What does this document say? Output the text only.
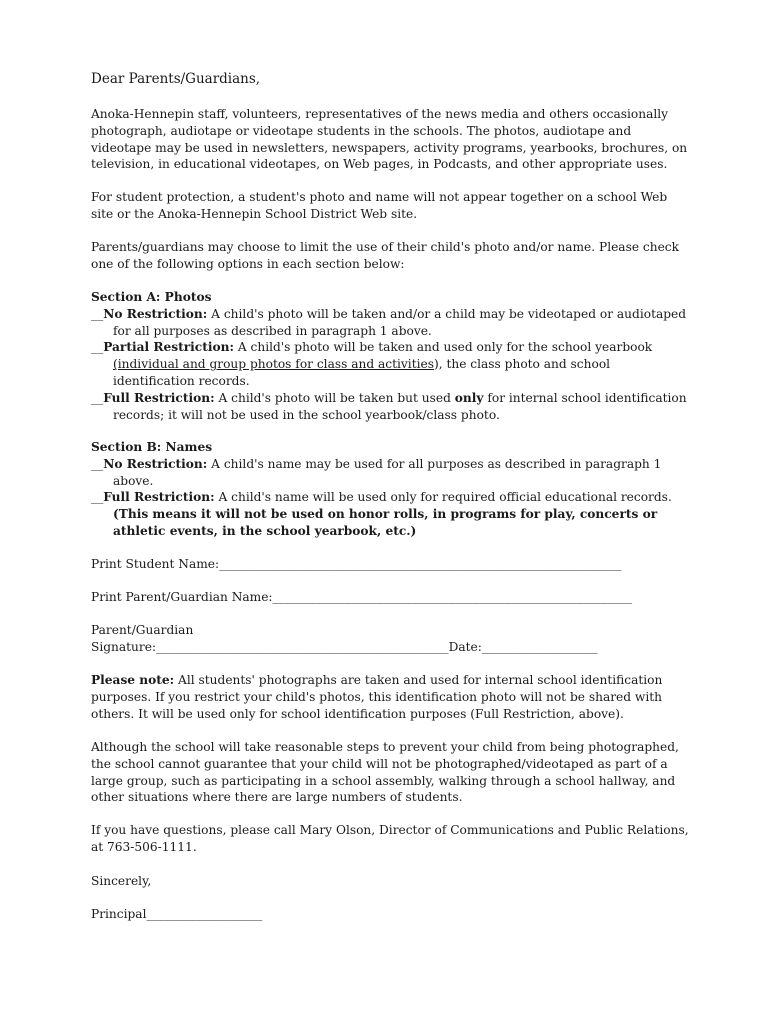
Dear Parents/Guardians,

Anoka-Hennepin staff, volunteers, representatives of the news media and others occasionally photograph, audiotape or videotape students in the schools. The photos, audiotape and videotape may be used in newsletters, newspapers, activity programs, yearbooks, brochures, on television, in educational videotapes, on Web pages, in Podcasts, and other appropriate uses.

For student protection, a student's photo and name will not appear together on a school Web site or the Anoka-Hennepin School District Web site.

Parents/guardians may choose to limit the use of their child's photo and/or name. Please check one of the following options in each section below:

Section A: Photos
__No Restriction: A child's photo will be taken and/or a child may be videotaped or audiotaped for all purposes as described in paragraph 1 above.
__Partial Restriction: A child's photo will be taken and used only for the school yearbook (individual and group photos for class and activities), the class photo and school identification records.
__Full Restriction: A child's photo will be taken but used only for internal school identification records; it will not be used in the school yearbook/class photo.
Section B: Names
__No Restriction: A child's name may be used for all purposes as described in paragraph 1 above.
__Full Restriction: A child's name will be used only for required official educational records. (This means it will not be used on honor rolls, in programs for play, concerts or athletic events, in the school yearbook, etc.)
Print Student Name:__________________________________________________________________
Print Parent/Guardian Name:___________________________________________________________
Parent/Guardian
Signature:________________________________________________Date:___________________

Please note: All students' photographs are taken and used for internal school identification purposes. If you restrict your child's photos, this identification photo will not be shared with others. It will be used only for school identification purposes (Full Restriction, above).

Although the school will take reasonable steps to prevent your child from being photographed, the school cannot guarantee that your child will not be photographed/videotaped as part of a large group, such as participating in a school assembly, walking through a school hallway, and other situations where there are large numbers of students.

If you have questions, please call Mary Olson, Director of Communications and Public Relations, at 763-506-1111.

Sincerely,

Principal___________________
